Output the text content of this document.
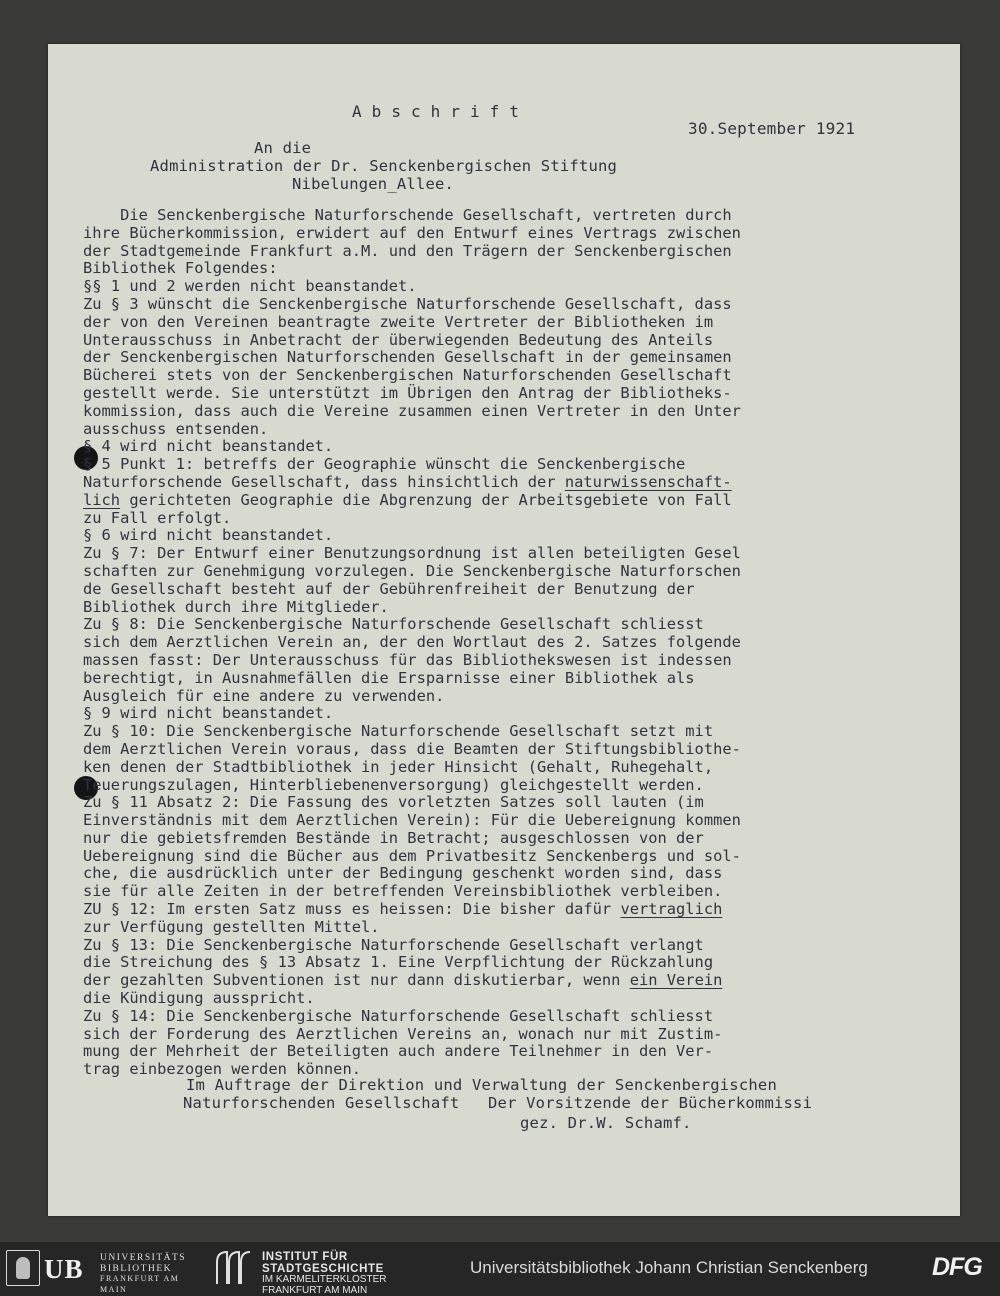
A b s c h r i f t
30.September 1921
An die
Administration der Dr. Senckenbergischen Stiftung
Nibelungen_Allee.
Die Senckenbergische Naturforschende Gesellschaft, vertreten durch
ihre Bücherkommission, erwidert auf den Entwurf eines Vertrags zwischen
der Stadtgemeinde Frankfurt a.M. und den Trägern der Senckenbergischen
Bibliothek Folgendes:
§§ 1 und 2 werden nicht beanstandet.
Zu § 3 wünscht die Senckenbergische Naturforschende Gesellschaft, dass
der von den Vereinen beantragte zweite Vertreter der Bibliotheken im
Unterausschuss in Anbetracht der überwiegenden Bedeutung des Anteils
der Senckenbergischen Naturforschenden Gesellschaft in der gemeinsamen
Bücherei stets von der Senckenbergischen Naturforschenden Gesellschaft
gestellt werde. Sie unterstützt im Übrigen den Antrag der Bibliotheks-
kommission, dass auch die Vereine zusammen einen Vertreter in den Unter
ausschuss entsenden.
§ 4 wird nicht beanstandet.
§ 5 Punkt 1: betreffs der Geographie wünscht die Senckenbergische
Naturforschende Gesellschaft, dass hinsichtlich der naturwissenschaft-
lich gerichteten Geographie die Abgrenzung der Arbeitsgebiete von Fall
zu Fall erfolgt.
§ 6 wird nicht beanstandet.
Zu § 7: Der Entwurf einer Benutzungsordnung ist allen beteiligten Gesel
schaften zur Genehmigung vorzulegen. Die Senckenbergische Naturforschen
de Gesellschaft besteht auf der Gebührenfreiheit der Benutzung der
Bibliothek durch ihre Mitglieder.
Zu § 8: Die Senckenbergische Naturforschende Gesellschaft schliesst
sich dem Aerztlichen Verein an, der den Wortlaut des 2. Satzes folgende
massen fasst: Der Unterausschuss für das Bibliothekswesen ist indessen
berechtigt, in Ausnahmefällen die Ersparnisse einer Bibliothek als
Ausgleich für eine andere zu verwenden.
§ 9 wird nicht beanstandet.
Zu § 10: Die Senckenbergische Naturforschende Gesellschaft setzt mit
dem Aerztlichen Verein voraus, dass die Beamten der Stiftungsbibliothe-
ken denen der Stadtbibliothek in jeder Hinsicht (Gehalt, Ruhegehalt,
Teuerungszulagen, Hinterbliebenenversorgung) gleichgestellt werden.
Zu § 11 Absatz 2: Die Fassung des vorletzten Satzes soll lauten (im
Einverständnis mit dem Aerztlichen Verein): Für die Uebereignung kommen
nur die gebietsfremden Bestände in Betracht; ausgeschlossen von der
Uebereignung sind die Bücher aus dem Privatbesitz Senckenbergs und sol-
che, die ausdrücklich unter der Bedingung geschenkt worden sind, dass
sie für alle Zeiten in der betreffenden Vereinsbibliothek verbleiben.
ZU § 12: Im ersten Satz muss es heissen: Die bisher dafür vertraglich
zur Verfügung gestellten Mittel.
Zu § 13: Die Senckenbergische Naturforschende Gesellschaft verlangt
die Streichung des § 13 Absatz 1. Eine Verpflichtung der Rückzahlung
der gezahlten Subventionen ist nur dann diskutierbar, wenn ein Verein
die Kündigung ausspricht.
Zu § 14: Die Senckenbergische Naturforschende Gesellschaft schliesst
sich der Forderung des Aerztlichen Vereins an, wonach nur mit Zustim-
mung der Mehrheit der Beteiligten auch andere Teilnehmer in den Ver-
trag einbezogen werden können.
Im Auftrage der Direktion und Verwaltung der Senckenbergischen
Naturforschenden Gesellschaft   Der Vorsitzende der Bücherkommissi
gez. Dr.W. Schamf.
UB UNIVERSITÄTS
BIBLIOTHEK
FRANKFURT AM MAIN
INSTITUT FÜR
STADTGESCHICHTE
IM KARMELITERKLOSTER
FRANKFURT AM MAIN
Universitätsbibliothek Johann Christian Senckenberg	DFG
